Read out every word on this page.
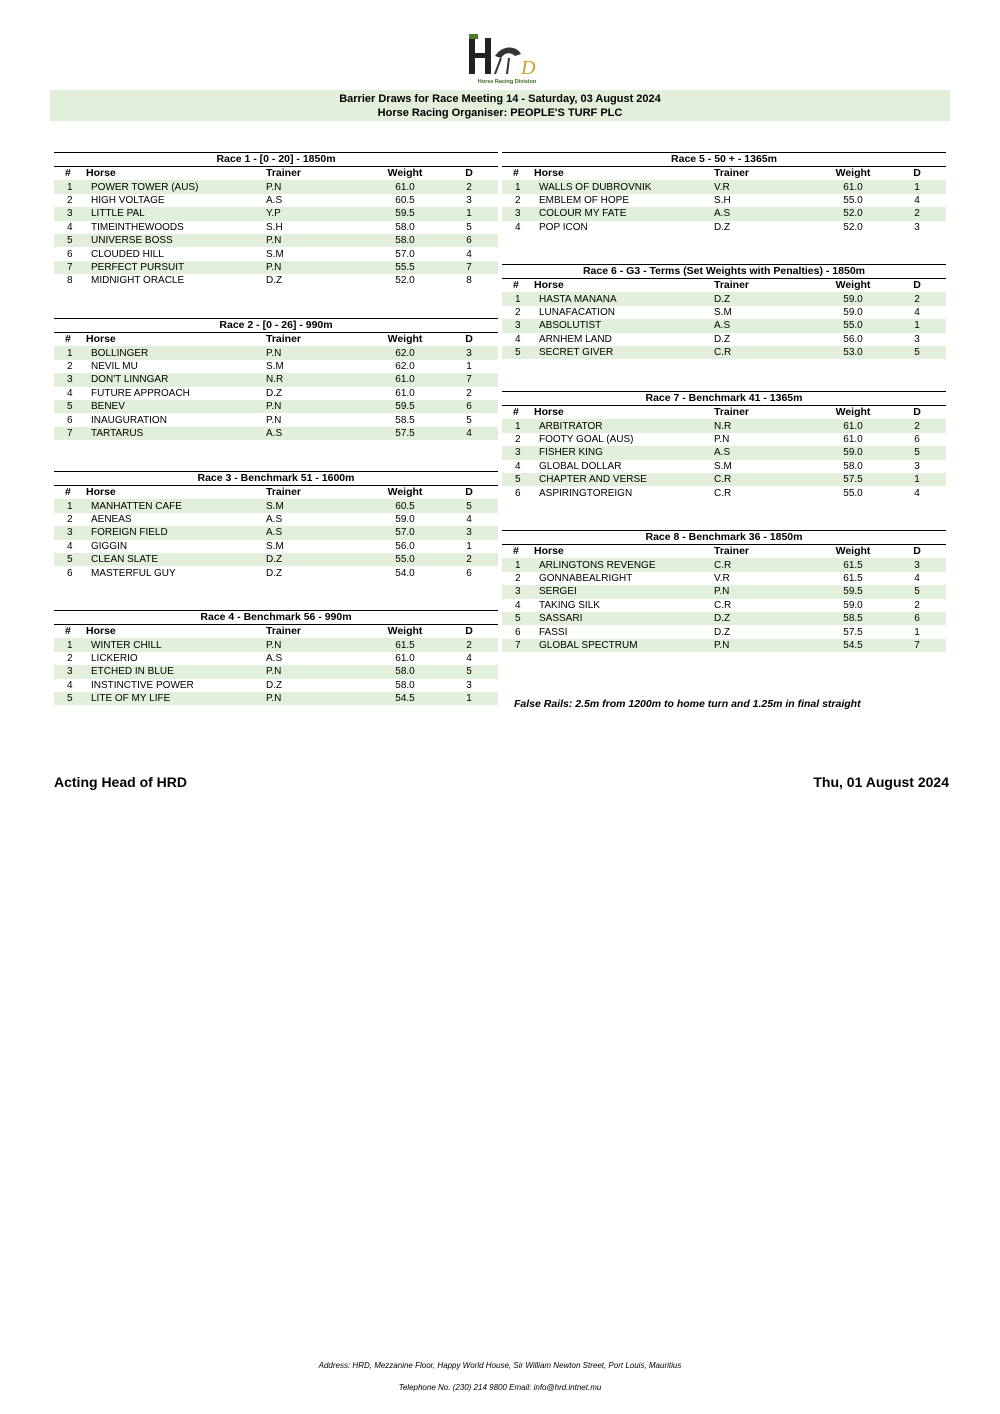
D
Horse Racing Division
Barrier Draws for Race Meeting 14 - Saturday, 03 August 2024
Horse Racing Organiser: PEOPLE'S TURF PLC
Race 1 - [0 - 20] - 1850m
#	Horse	Trainer	Weight	D
1	POWER TOWER (AUS)	P.N	61.0	2
2	HIGH VOLTAGE	A.S	60.5	3
3	LITTLE PAL	Y.P	59.5	1
4	TIMEINTHEWOODS	S.H	58.0	5
5	UNIVERSE BOSS	P.N	58.0	6
6	CLOUDED HILL	S.M	57.0	4
7	PERFECT PURSUIT	P.N	55.5	7
8	MIDNIGHT ORACLE	D.Z	52.0	8
Race 2 - [0 - 26] - 990m
#	Horse	Trainer	Weight	D
1	BOLLINGER	P.N	62.0	3
2	NEVIL MU	S.M	62.0	1
3	DON'T LINNGAR	N.R	61.0	7
4	FUTURE APPROACH	D.Z	61.0	2
5	BENEV	P.N	59.5	6
6	INAUGURATION	P.N	58.5	5
7	TARTARUS	A.S	57.5	4
Race 3 - Benchmark 51 - 1600m
#	Horse	Trainer	Weight	D
1	MANHATTEN CAFE	S.M	60.5	5
2	AENEAS	A.S	59.0	4
3	FOREIGN FIELD	A.S	57.0	3
4	GIGGIN	S.M	56.0	1
5	CLEAN SLATE	D.Z	55.0	2
6	MASTERFUL GUY	D.Z	54.0	6
Race 4 - Benchmark 56 - 990m
#	Horse	Trainer	Weight	D
1	WINTER CHILL	P.N	61.5	2
2	LICKERIO	A.S	61.0	4
3	ETCHED IN BLUE	P.N	58.0	5
4	INSTINCTIVE POWER	D.Z	58.0	3
5	LITE OF MY LIFE	P.N	54.5	1
Race 5 - 50 + - 1365m
#	Horse	Trainer	Weight	D
1	WALLS OF DUBROVNIK	V.R	61.0	1
2	EMBLEM OF HOPE	S.H	55.0	4
3	COLOUR MY FATE	A.S	52.0	2
4	POP ICON	D.Z	52.0	3
Race 6 - G3 - Terms (Set Weights with Penalties) - 1850m
#	Horse	Trainer	Weight	D
1	HASTA MANANA	D.Z	59.0	2
2	LUNAFACATION	S.M	59.0	4
3	ABSOLUTIST	A.S	55.0	1
4	ARNHEM LAND	D.Z	56.0	3
5	SECRET GIVER	C.R	53.0	5
Race 7 - Benchmark 41 - 1365m
#	Horse	Trainer	Weight	D
1	ARBITRATOR	N.R	61.0	2
2	FOOTY GOAL (AUS)	P.N	61.0	6
3	FISHER KING	A.S	59.0	5
4	GLOBAL DOLLAR	S.M	58.0	3
5	CHAPTER AND VERSE	C.R	57.5	1
6	ASPIRINGTOREIGN	C.R	55.0	4
Race 8 - Benchmark 36 - 1850m
#	Horse	Trainer	Weight	D
1	ARLINGTONS REVENGE	C.R	61.5	3
2	GONNABEALRIGHT	V.R	61.5	4
3	SERGEI	P.N	59.5	5
4	TAKING SILK	C.R	59.0	2
5	SASSARI	D.Z	58.5	6
6	FASSI	D.Z	57.5	1
7	GLOBAL SPECTRUM	P.N	54.5	7
False Rails: 2.5m from 1200m to home turn and 1.25m in final straight
Acting Head of HRD	Thu, 01 August 2024
Address: HRD, Mezzanine Floor, Happy World House, Sir William Newton Street, Port Louis, Mauritius
Telephone No. (230) 214 9800 Email: info@hrd.intnet.mu
